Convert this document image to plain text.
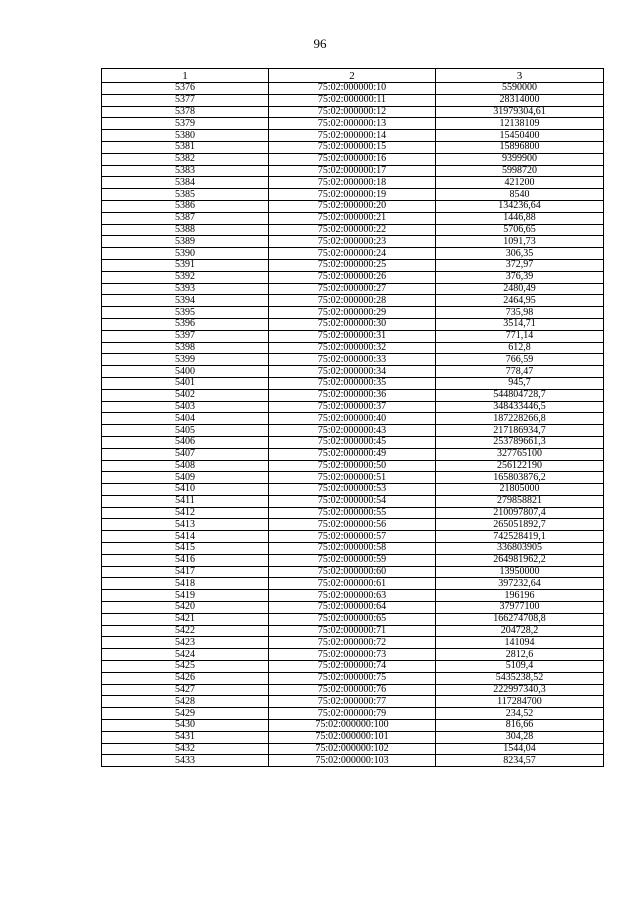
96
1	2	3
5376	75:02:000000:10	5590000
5377	75:02:000000:11	28314000
5378	75:02:000000:12	31979304,61
5379	75:02:000000:13	12138109
5380	75:02:000000:14	15450400
5381	75:02:000000:15	15896800
5382	75:02:000000:16	9399900
5383	75:02:000000:17	5998720
5384	75:02:000000:18	421200
5385	75:02:000000:19	8540
5386	75:02:000000:20	134236,64
5387	75:02:000000:21	1446,88
5388	75:02:000000:22	5706,65
5389	75:02:000000:23	1091,73
5390	75:02:000000:24	306,35
5391	75:02:000000:25	372,97
5392	75:02:000000:26	376,39
5393	75:02:000000:27	2480,49
5394	75:02:000000:28	2464,95
5395	75:02:000000:29	735,98
5396	75:02:000000:30	3514,71
5397	75:02:000000:31	771,14
5398	75:02:000000:32	612,8
5399	75:02:000000:33	766,59
5400	75:02:000000:34	778,47
5401	75:02:000000:35	945,7
5402	75:02:000000:36	544804728,7
5403	75:02:000000:37	348433446,5
5404	75:02:000000:40	187228266,8
5405	75:02:000000:43	217186934,7
5406	75:02:000000:45	253789661,3
5407	75:02:000000:49	327765100
5408	75:02:000000:50	256122190
5409	75:02:000000:51	165803876,2
5410	75:02:000000:53	21805000
5411	75:02:000000:54	279858821
5412	75:02:000000:55	210097807,4
5413	75:02:000000:56	265051892,7
5414	75:02:000000:57	742528419,1
5415	75:02:000000:58	336803905
5416	75:02:000000:59	264981962,2
5417	75:02:000000:60	13950000
5418	75:02:000000:61	397232,64
5419	75:02:000000:63	196196
5420	75:02:000000:64	37977100
5421	75:02:000000:65	166274708,8
5422	75:02:000000:71	204728,2
5423	75:02:000000:72	141094
5424	75:02:000000:73	2812,6
5425	75:02:000000:74	5109,4
5426	75:02:000000:75	5435238,52
5427	75:02:000000:76	222997340,3
5428	75:02:000000:77	117284700
5429	75:02:000000:79	234,52
5430	75:02:000000:100	816,66
5431	75:02:000000:101	304,28
5432	75:02:000000:102	1544,04
5433	75:02:000000:103	8234,57
